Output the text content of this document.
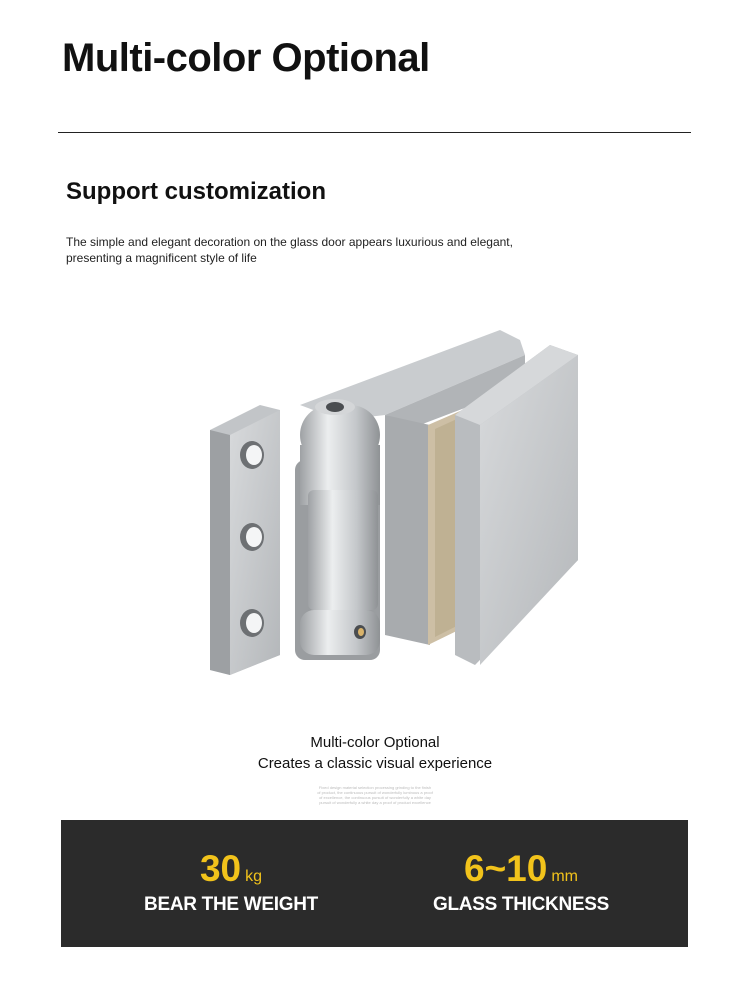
Multi-color Optional
Support customization
The simple and elegant decoration on the glass door appears luxurious and elegant,
presenting a magnificent style of life
Multi-color Optional
Creates a classic visual experience
Fixed design material selection processing grinding to the finish
of product, the continuous pursuit of wonderfully luminous a proof
of excellence, the continuous pursuit of wonderfully a white day
pursuit of wonderfully a white day a proof of product excellence
30 kg
BEAR THE WEIGHT
6~10 mm
GLASS THICKNESS
